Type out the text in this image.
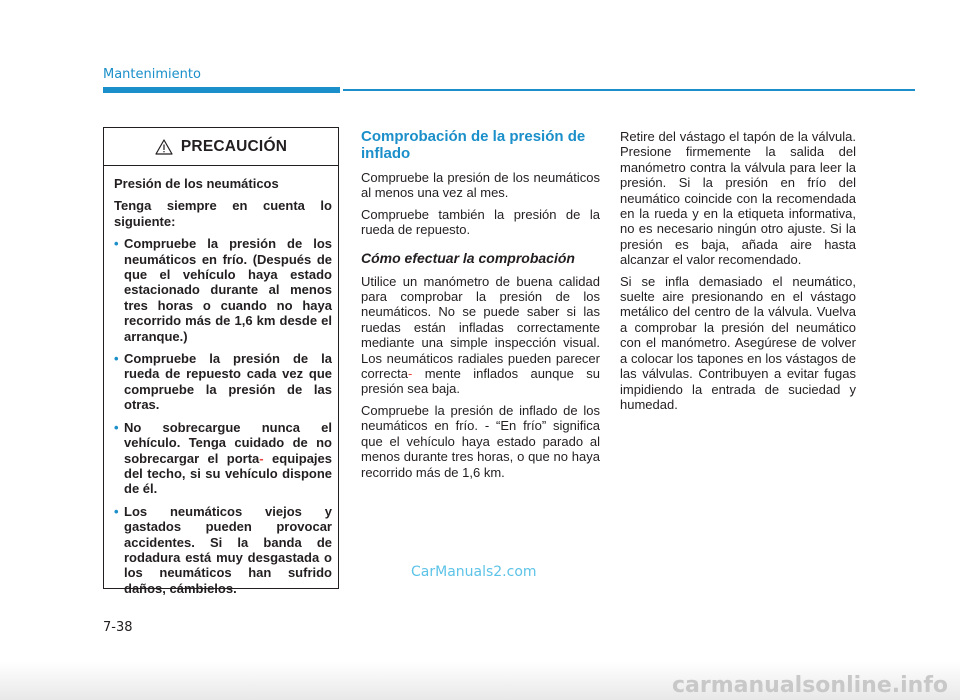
Mantenimiento
PRECAUCIÓN

Presión de los neumáticos

Tenga siempre en cuenta lo siguiente:

• Compruebe la presión de los neumáticos en frío. (Después de que el vehículo haya estado estacionado durante al menos tres horas o cuando no haya recorrido más de 1,6 km desde el arranque.)
• Compruebe la presión de la rueda de repuesto cada vez que compruebe la presión de las otras.
• No sobrecargue nunca el vehículo. Tenga cuidado de no sobrecargar el porta- equipajes del techo, si su vehículo dispone de él.
• Los neumáticos viejos y gastados pueden provocar accidentes. Si la banda de rodadura está muy desgastada o los neumáticos han sufrido daños, cámbielos.
Comprobación de la presión de inflado

Compruebe la presión de los neumáticos al menos una vez al mes.

Compruebe también la presión de la rueda de repuesto.

Cómo efectuar la comprobación

Utilice un manómetro de buena calidad para comprobar la presión de los neumáticos. No se puede saber si las ruedas están infladas correctamente mediante una simple inspección visual. Los neumáticos radiales pueden parecer correcta- mente inflados aunque su presión sea baja.

Compruebe la presión de inflado de los neumáticos en frío. - “En frío” significa que el vehículo haya estado parado al menos durante tres horas, o que no haya recorrido más de 1,6 km.

Retire del vástago el tapón de la válvula. Presione firmemente la salida del manómetro contra la válvula para leer la presión. Si la presión en frío del neumático coincide con la recomendada en la rueda y en la etiqueta informativa, no es necesario ningún otro ajuste. Si la presión es baja, añada aire hasta alcanzar el valor recomendado.

Si se infla demasiado el neumático, suelte aire presionando en el vástago metálico del centro de la válvula. Vuelva a comprobar la presión del neumático con el manómetro. Asegúrese de volver a colocar los tapones en los vástagos de las válvulas. Contribuyen a evitar fugas impidiendo la entrada de suciedad y humedad.

CarManuals2.com
7-38
carmanualsonline.info
